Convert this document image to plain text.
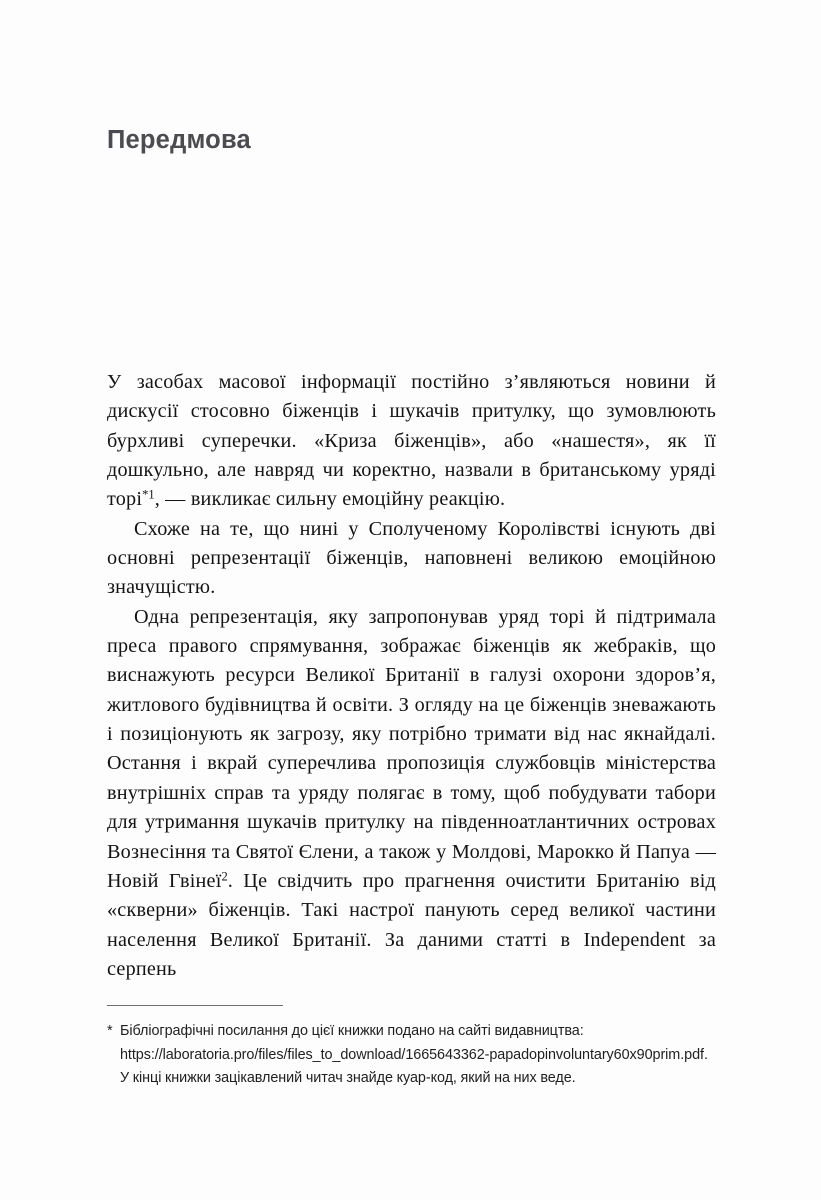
Передмова

У засобах масової інформації постійно з’являються новини й дискусії стосовно біженців і шукачів притулку, що зумовлюють бурхливі суперечки. «Криза біженців», або «нашестя», як її дошкульно, але навряд чи коректно, назвали в британському уряді торі$^{*1}$, — викликає сильну емоційну реакцію.

Схоже на те, що нині у Сполученому Королівстві існують дві основні репрезентації біженців, наповнені великою емоційною значущістю.

Одна репрезентація, яку запропонував уряд торі й підтримала преса правого спрямування, зображає біженців як жебраків, що виснажують ресурси Великої Британії в галузі охорони здоров’я, житлового будівництва й освіти. З огляду на це біженців зневажають і позиціонують як загрозу, яку потрібно тримати від нас якнайдалі. Остання і вкрай суперечлива пропозиція службовців міністерства внутрішніх справ та уряду полягає в тому, щоб побудувати табори для утримання шукачів притулку на південноатлантичних островах Вознесіння та Святої Єлени, а також у Молдові, Марокко й Папуа — Новій Гвінеї$^2$. Це свідчить про прагнення очистити Британію від «скверни» біженців. Такі настрої панують серед великої частини населення Великої Британії. За даними статті в Independent за серпень

* Бібліографічні посилання до цієї книжки подано на сайті видавництва: https://laboratoria.pro/files/files_to_download/1665643362-papadopinvoluntary60x90prim.pdf. У кінці книжки зацікавлений читач знайде куар-код, який на них веде.
